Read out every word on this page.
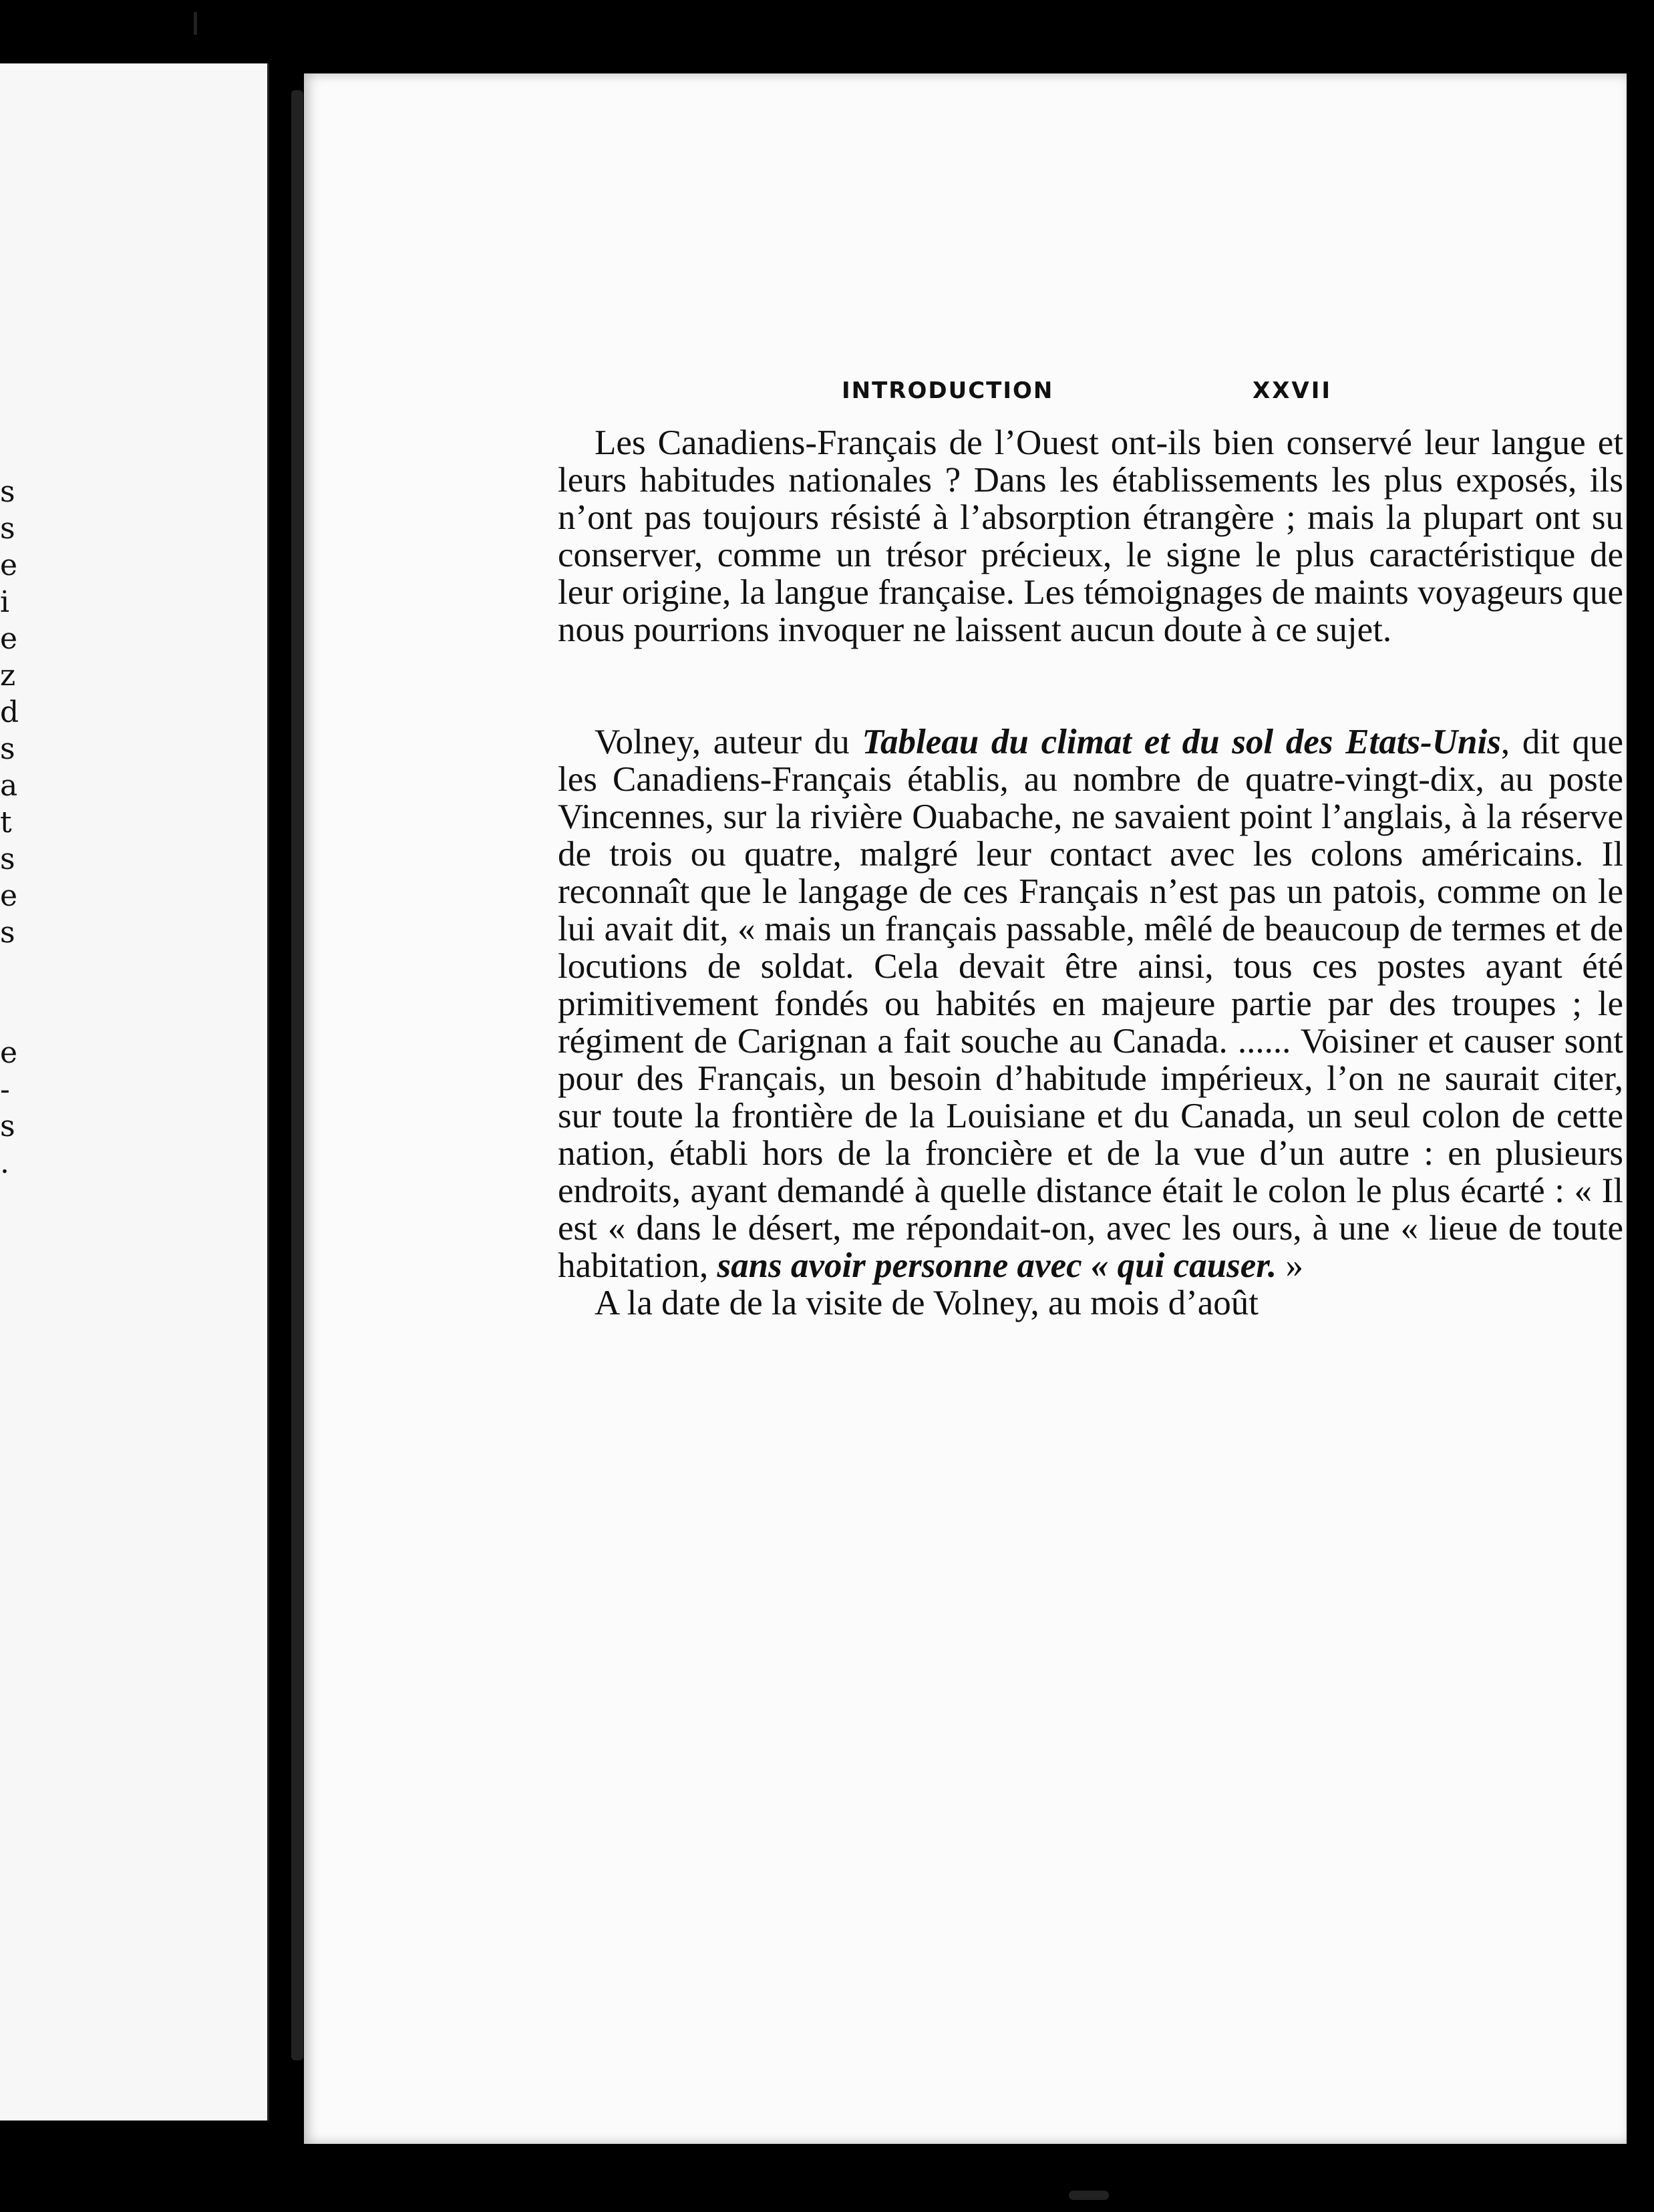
s
s
e
i
e
z
d
s
a
t
s
e
s
e
-
s
.
INTRODUCTION	XXVII

Les Canadiens-Français de l’Ouest ont-ils bien conservé leur langue et leurs habitudes nationales ? Dans les établissements les plus exposés, ils n’ont pas toujours résisté à l’absorption étrangère ; mais la plupart ont su conserver, comme un trésor précieux, le signe le plus caractéristique de leur origine, la langue française. Les témoignages de maints voyageurs que nous pourrions invoquer ne laissent aucun doute à ce sujet.

Volney, auteur du Tableau du climat et du sol des Etats-Unis, dit que les Canadiens-Français établis, au nombre de quatre-vingt-dix, au poste Vincennes, sur la rivière Ouabache, ne savaient point l’anglais, à la réserve de trois ou quatre, malgré leur contact avec les colons américains. Il reconnaît que le langage de ces Français n’est pas un patois, comme on le lui avait dit, « mais un français passable, mêlé de beaucoup de termes et de locutions de soldat. Cela devait être ainsi, tous ces postes ayant été primitivement fondés ou habités en majeure partie par des troupes ; le régiment de Carignan a fait souche au Canada. ...... Voisiner et causer sont pour des Français, un besoin d’habitude impérieux, l’on ne saurait citer, sur toute la frontière de la Louisiane et du Canada, un seul colon de cette nation, établi hors de la froncière et de la vue d’un autre : en plusieurs endroits, ayant demandé à quelle distance était le colon le plus écarté : « Il est « dans le désert, me répondait-on, avec les ours, à une « lieue de toute habitation, sans avoir personne avec « qui causer. »

A la date de la visite de Volney, au mois d’août
